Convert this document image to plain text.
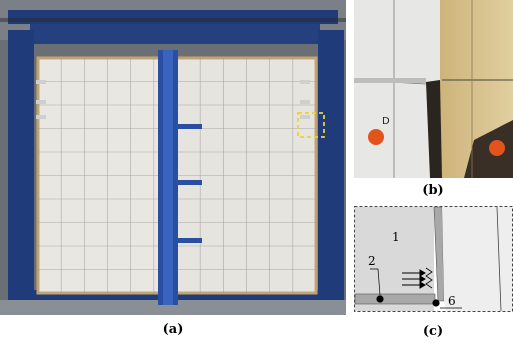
(a)
D
(b)
1
2
6
(c)
